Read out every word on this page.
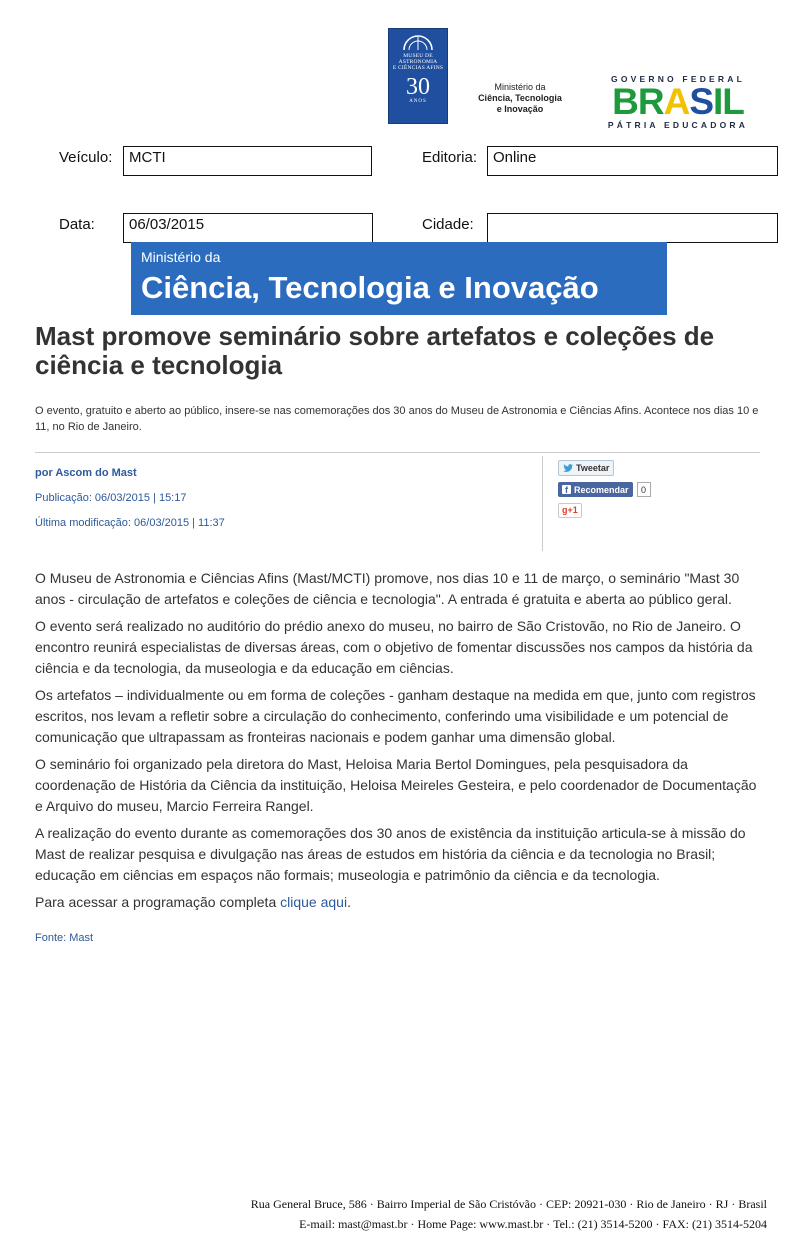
MUSEU DE
ASTRONOMIA
E CIÊNCIAS AFINS
30
ANOS
Ministério da
Ciência, Tecnologia
e Inovação
GOVERNO FEDERAL
BRASIL
PÁTRIA EDUCADORA
Veículo:	MCTI	Editoria:	Online
Data:	06/03/2015	Cidade:
Ministério da
Ciência, Tecnologia e Inovação
Mast promove seminário sobre artefatos e coleções de ciência e tecnologia
O evento, gratuito e aberto ao público, insere-se nas comemorações dos 30 anos do Museu de Astronomia e Ciências Afins. Acontece nos dias 10 e 11, no Rio de Janeiro.
por Ascom do Mast
Publicação: 06/03/2015 | 15:17
Última modificação: 06/03/2015 | 11:37
Tweetar
f Recomendar	0
g+1

O Museu de Astronomia e Ciências Afins (Mast/MCTI) promove, nos dias 10 e 11 de março, o seminário "Mast 30 anos - circulação de artefatos e coleções de ciência e tecnologia". A entrada é gratuita e aberta ao público geral.

O evento será realizado no auditório do prédio anexo do museu, no bairro de São Cristovão, no Rio de Janeiro. O encontro reunirá especialistas de diversas áreas, com o objetivo de fomentar discussões nos campos da história da ciência e da tecnologia, da museologia e da educação em ciências.

Os artefatos – individualmente ou em forma de coleções - ganham destaque na medida em que, junto com registros escritos, nos levam a refletir sobre a circulação do conhecimento, conferindo uma visibilidade e um potencial de comunicação que ultrapassam as fronteiras nacionais e podem ganhar uma dimensão global.

O seminário foi organizado pela diretora do Mast, Heloisa Maria Bertol Domingues, pela pesquisadora da coordenação de História da Ciência da instituição, Heloisa Meireles Gesteira, e pelo coordenador de Documentação e Arquivo do museu, Marcio Ferreira Rangel.

A realização do evento durante as comemorações dos 30 anos de existência da instituição articula-se à missão do Mast de realizar pesquisa e divulgação nas áreas de estudos em história da ciência e da tecnologia no Brasil; educação em ciências em espaços não formais; museologia e patrimônio da ciência e da tecnologia.

Para acessar a programação completa clique aqui.

Fonte: Mast
Rua General Bruce, 586 · Bairro Imperial de São Cristóvão · CEP: 20921-030 · Rio de Janeiro · RJ · Brasil
E-mail: mast@mast.br · Home Page: www.mast.br · Tel.: (21) 3514-5200 · FAX: (21) 3514-5204
